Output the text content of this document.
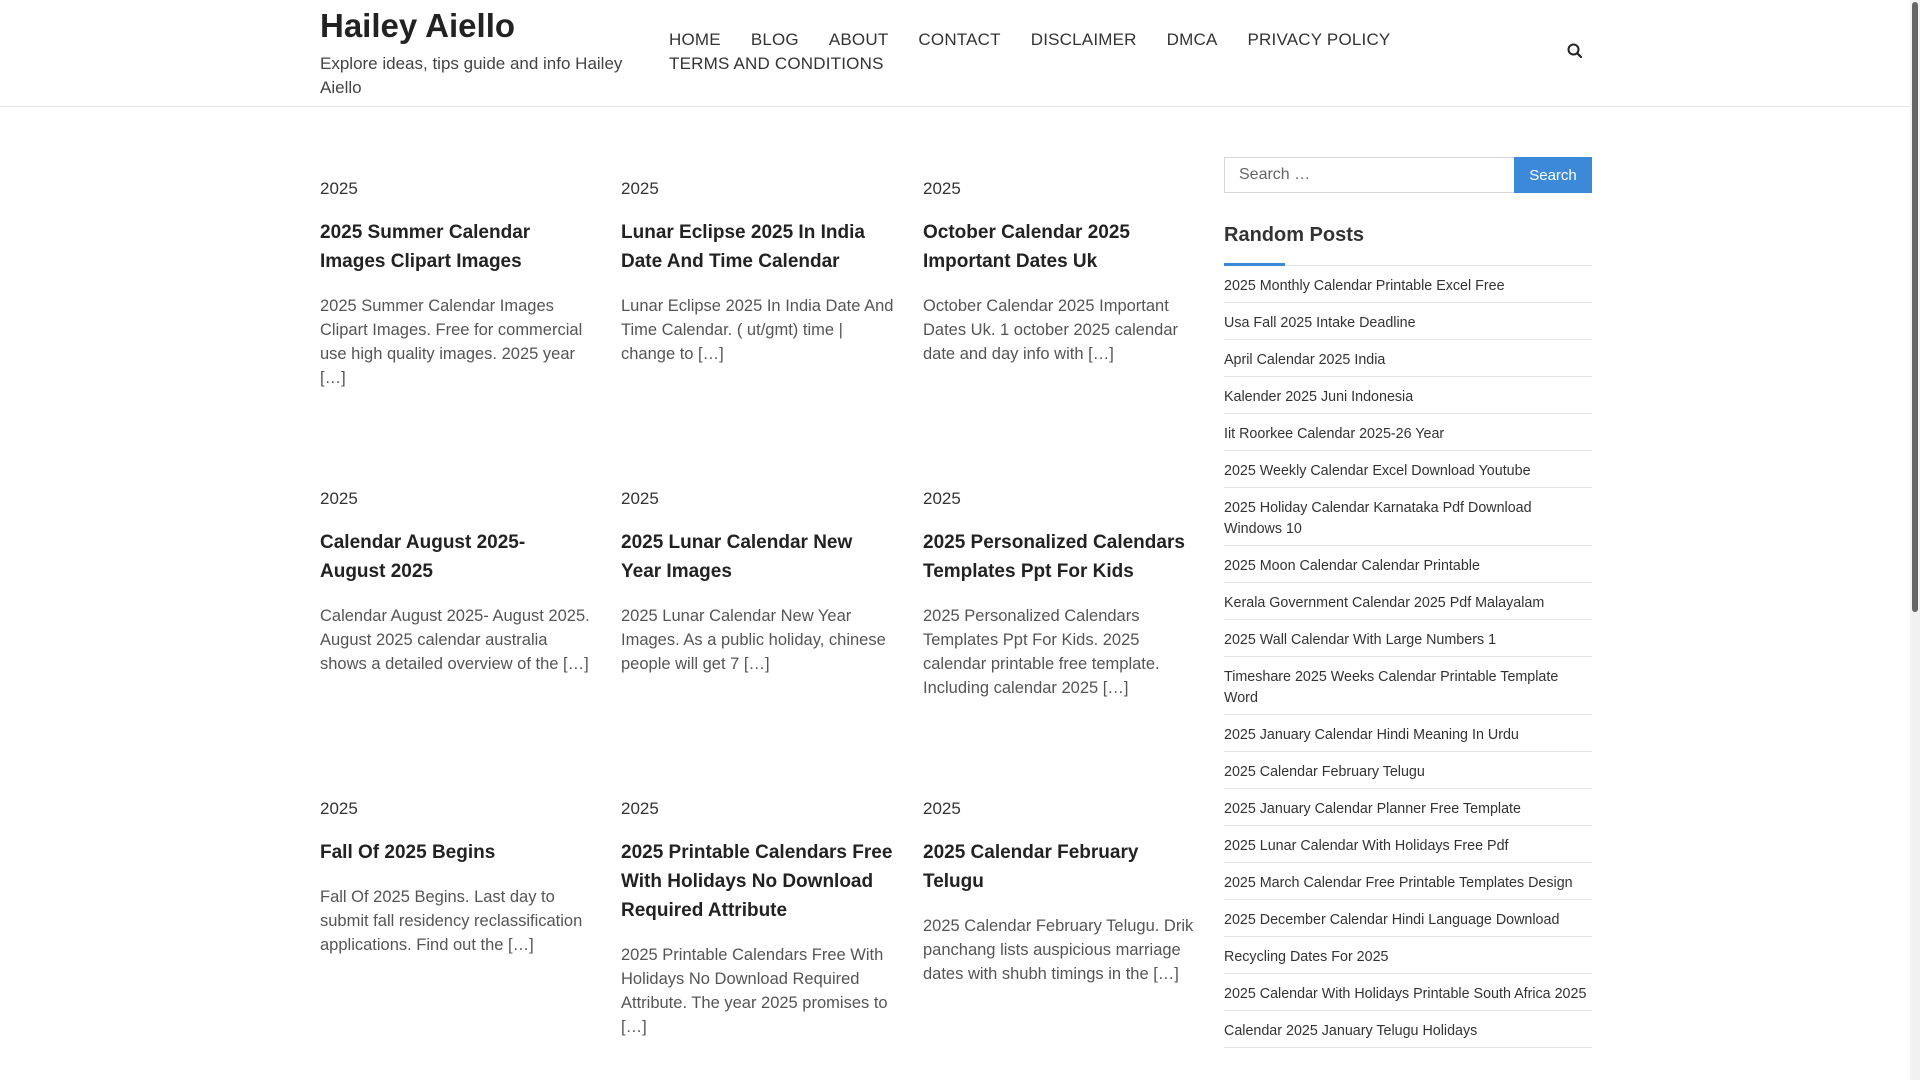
Hailey Aiello
Explore ideas, tips guide and info Hailey Aiello
HOME BLOG ABOUT CONTACT DISCLAIMER DMCA PRIVACY POLICY
TERMS AND CONDITIONS
2025
2025 Summer Calendar Images Clipart Images
2025 Summer Calendar Images Clipart Images. Free for commercial use high quality images. 2025 year […]
2025
Lunar Eclipse 2025 In India Date And Time Calendar
Lunar Eclipse 2025 In India Date And Time Calendar. ( ut/gmt) time | change to […]
2025
October Calendar 2025 Important Dates Uk
October Calendar 2025 Important Dates Uk. 1 october 2025 calendar date and day info with […]
2025
Calendar August 2025- August 2025
Calendar August 2025- August 2025. August 2025 calendar australia shows a detailed overview of the […]
2025
2025 Lunar Calendar New Year Images
2025 Lunar Calendar New Year Images. As a public holiday, chinese people will get 7 […]
2025
2025 Personalized Calendars Templates Ppt For Kids
2025 Personalized Calendars Templates Ppt For Kids. 2025 calendar printable free template. Including calendar 2025 […]
2025
Fall Of 2025 Begins
Fall Of 2025 Begins. Last day to submit fall residency reclassification applications. Find out the […]
2025
2025 Printable Calendars Free With Holidays No Download Required Attribute
2025 Printable Calendars Free With Holidays No Download Required Attribute. The year 2025 promises to […]
2025
2025 Calendar February Telugu
2025 Calendar February Telugu. Drik panchang lists auspicious marriage dates with shubh timings in the […]
Search …
Search
Random Posts
2025 Monthly Calendar Printable Excel Free
Usa Fall 2025 Intake Deadline
April Calendar 2025 India
Kalender 2025 Juni Indonesia
Iit Roorkee Calendar 2025-26 Year
2025 Weekly Calendar Excel Download Youtube
2025 Holiday Calendar Karnataka Pdf Download Windows 10
2025 Moon Calendar Calendar Printable
Kerala Government Calendar 2025 Pdf Malayalam
2025 Wall Calendar With Large Numbers 1
Timeshare 2025 Weeks Calendar Printable Template Word
2025 January Calendar Hindi Meaning In Urdu
2025 Calendar February Telugu
2025 January Calendar Planner Free Template
2025 Lunar Calendar With Holidays Free Pdf
2025 March Calendar Free Printable Templates Design
2025 December Calendar Hindi Language Download
Recycling Dates For 2025
2025 Calendar With Holidays Printable South Africa 2025
Calendar 2025 January Telugu Holidays
